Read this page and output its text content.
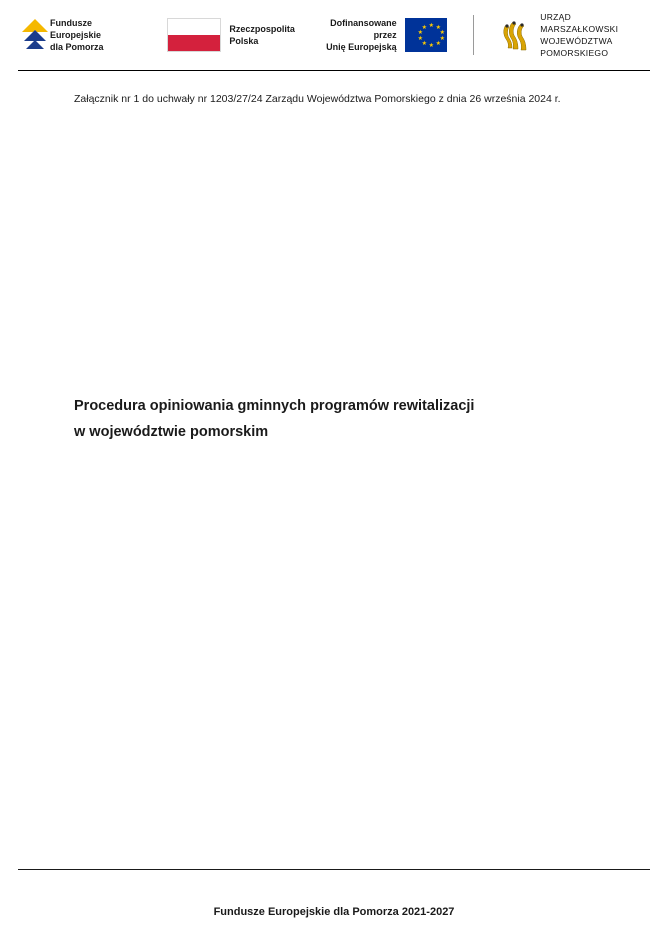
Fundusze Europejskie
dla Pomorza
Rzeczpospolita
Polska
Dofinansowane przez
Unię Europejską
★ ★
★
★
★
★
★
★
★
★
URZĄD MARSZAŁKOWSKI
WOJEWÓDZTWA POMORSKIEGO
Załącznik nr 1 do uchwały nr 1203/27/24 Zarządu Województwa Pomorskiego z dnia 26 września 2024 r.
Procedura opiniowania gminnych programów rewitalizacji
w województwie pomorskim
Fundusze Europejskie dla Pomorza 2021-2027
